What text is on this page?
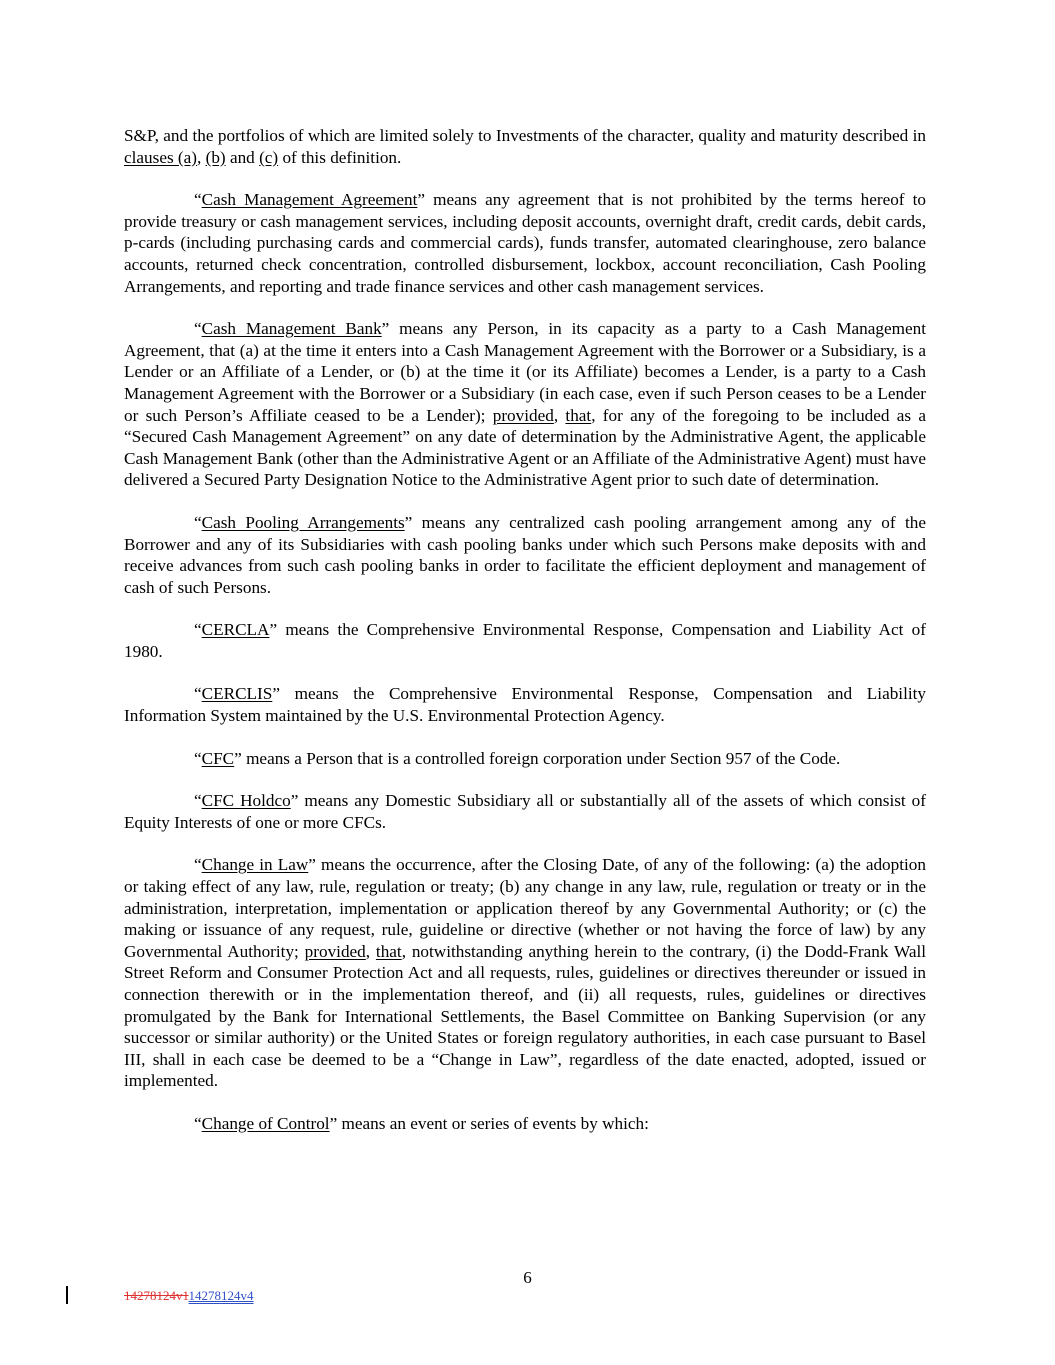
S&P, and the portfolios of which are limited solely to Investments of the character, quality and maturity described in clauses (a), (b) and (c) of this definition.

“Cash Management Agreement” means any agreement that is not prohibited by the terms hereof to provide treasury or cash management services, including deposit accounts, overnight draft, credit cards, debit cards, p-cards (including purchasing cards and commercial cards), funds transfer, automated clearinghouse, zero balance accounts, returned check concentration, controlled disbursement, lockbox, account reconciliation, Cash Pooling Arrangements, and reporting and trade finance services and other cash management services.

“Cash Management Bank” means any Person, in its capacity as a party to a Cash Management Agreement, that (a) at the time it enters into a Cash Management Agreement with the Borrower or a Subsidiary, is a Lender or an Affiliate of a Lender, or (b) at the time it (or its Affiliate) becomes a Lender, is a party to a Cash Management Agreement with the Borrower or a Subsidiary (in each case, even if such Person ceases to be a Lender or such Person’s Affiliate ceased to be a Lender); provided, that, for any of the foregoing to be included as a “Secured Cash Management Agreement” on any date of determination by the Administrative Agent, the applicable Cash Management Bank (other than the Administrative Agent or an Affiliate of the Administrative Agent) must have delivered a Secured Party Designation Notice to the Administrative Agent prior to such date of determination.

“Cash Pooling Arrangements” means any centralized cash pooling arrangement among any of the Borrower and any of its Subsidiaries with cash pooling banks under which such Persons make deposits with and receive advances from such cash pooling banks in order to facilitate the efficient deployment and management of cash of such Persons.

“CERCLA” means the Comprehensive Environmental Response, Compensation and Liability Act of 1980.

“CERCLIS” means the Comprehensive Environmental Response, Compensation and Liability Information System maintained by the U.S. Environmental Protection Agency.

“CFC” means a Person that is a controlled foreign corporation under Section 957 of the Code.

“CFC Holdco” means any Domestic Subsidiary all or substantially all of the assets of which consist of Equity Interests of one or more CFCs.

“Change in Law” means the occurrence, after the Closing Date, of any of the following: (a) the adoption or taking effect of any law, rule, regulation or treaty; (b) any change in any law, rule, regulation or treaty or in the administration, interpretation, implementation or application thereof by any Governmental Authority; or (c) the making or issuance of any request, rule, guideline or directive (whether or not having the force of law) by any Governmental Authority; provided, that, notwithstanding anything herein to the contrary, (i) the Dodd-Frank Wall Street Reform and Consumer Protection Act and all requests, rules, guidelines or directives thereunder or issued in connection therewith or in the implementation thereof, and (ii) all requests, rules, guidelines or directives promulgated by the Bank for International Settlements, the Basel Committee on Banking Supervision (or any successor or similar authority) or the United States or foreign regulatory authorities, in each case pursuant to Basel III, shall in each case be deemed to be a “Change in Law”, regardless of the date enacted, adopted, issued or implemented.

“Change of Control” means an event or series of events by which:

6
14278124v114278124v4
